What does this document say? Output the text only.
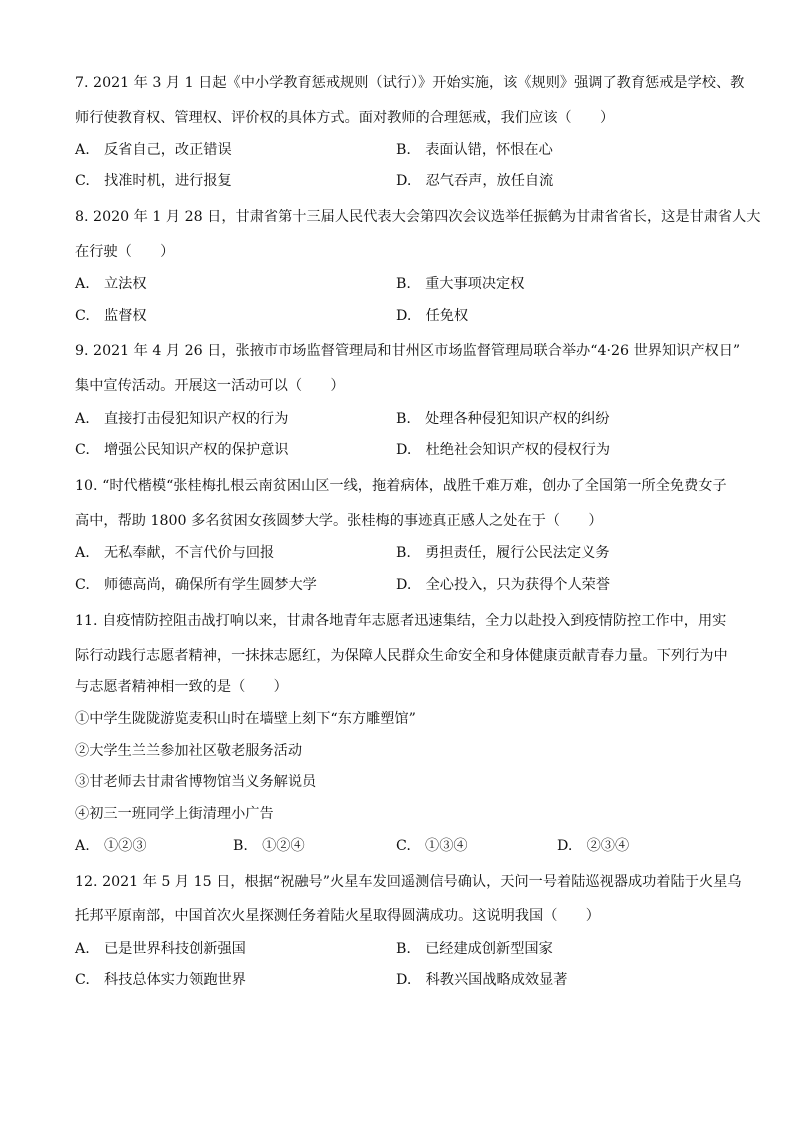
7. 2021 年 3 月 1 日起《中小学教育惩戒规则（试行）》开始实施，该《规则》强调了教育惩戒是学校、教
师行使教育权、管理权、评价权的具体方式。面对教师的合理惩戒，我们应该（　　）
A.　反省自己，改正错误	B.　表面认错，怀恨在心
C.　找准时机，进行报复	D.　忍气吞声，放任自流
8. 2020 年 1 月 28 日，甘肃省第十三届人民代表大会第四次会议选举任振鹤为甘肃省省长，这是甘肃省人大
在行驶（　　）
A.　立法权	B.　重大事项决定权
C.　监督权	D.　任免权
9. 2021 年 4 月 26 日，张掖市市场监督管理局和甘州区市场监督管理局联合举办“4·26 世界知识产权日”
集中宣传活动。开展这一活动可以（　　）
A.　直接打击侵犯知识产权的行为	B.　处理各种侵犯知识产权的纠纷
C.　增强公民知识产权的保护意识	D.　杜绝社会知识产权的侵权行为
10. “时代楷模“张桂梅扎根云南贫困山区一线，拖着病体，战胜千难万难，创办了全国第一所全免费女子
高中，帮助 1800 多名贫困女孩圆梦大学。张桂梅的事迹真正感人之处在于（　　）
A.　无私奉献，不言代价与回报	B.　勇担责任，履行公民法定义务
C.　师德高尚，确保所有学生圆梦大学	D.　全心投入，只为获得个人荣誉
11. 自疫情防控阻击战打响以来，甘肃各地青年志愿者迅速集结，全力以赴投入到疫情防控工作中，用实
际行动践行志愿者精神，一抹抹志愿红，为保障人民群众生命安全和身体健康贡献青春力量。下列行为中
与志愿者精神相一致的是（　　）
①中学生陇陇游览麦积山时在墙壁上刻下“东方雕塑馆”
②大学生兰兰参加社区敬老服务活动
③甘老师去甘肃省博物馆当义务解说员
④初三一班同学上街清理小广告
A.　①②③	B.　①②④	C.　①③④	D.　②③④
12. 2021 年 5 月 15 日，根据“祝融号”火星车发回遥测信号确认，天问一号着陆巡视器成功着陆于火星乌
托邦平原南部，中国首次火星探测任务着陆火星取得圆满成功。这说明我国（　　）
A.　已是世界科技创新强国	B.　已经建成创新型国家
C.　科技总体实力领跑世界	D.　科教兴国战略成效显著
